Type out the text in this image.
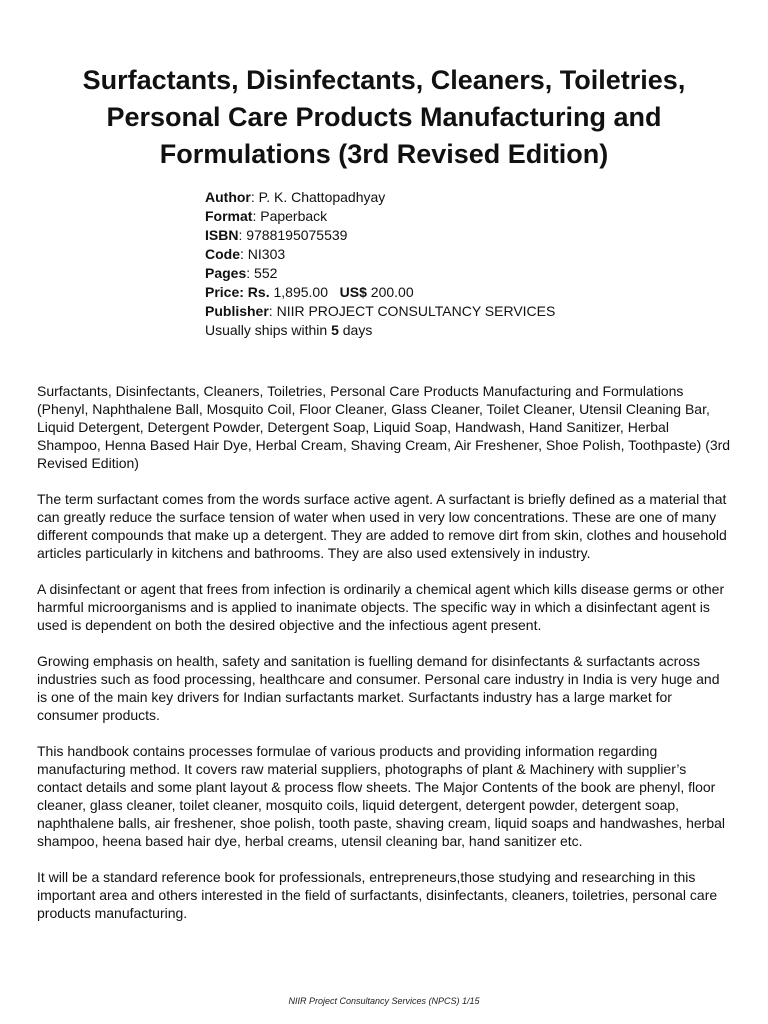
Surfactants, Disinfectants, Cleaners, Toiletries, Personal Care Products Manufacturing and Formulations (3rd Revised Edition)
Author: P. K. Chattopadhyay
Format: Paperback
ISBN: 9788195075539
Code: NI303
Pages: 552
Price: Rs. 1,895.00 US$ 200.00
Publisher: NIIR PROJECT CONSULTANCY SERVICES
Usually ships within 5 days

Surfactants, Disinfectants, Cleaners, Toiletries, Personal Care Products Manufacturing and Formulations (Phenyl, Naphthalene Ball, Mosquito Coil, Floor Cleaner, Glass Cleaner, Toilet Cleaner, Utensil Cleaning Bar, Liquid Detergent, Detergent Powder, Detergent Soap, Liquid Soap, Handwash, Hand Sanitizer, Herbal Shampoo, Henna Based Hair Dye, Herbal Cream, Shaving Cream, Air Freshener, Shoe Polish, Toothpaste) (3rd Revised Edition)

The term surfactant comes from the words surface active agent. A surfactant is briefly defined as a material that can greatly reduce the surface tension of water when used in very low concentrations. These are one of many different compounds that make up a detergent. They are added to remove dirt from skin, clothes and household articles particularly in kitchens and bathrooms. They are also used extensively in industry.

A disinfectant or agent that frees from infection is ordinarily a chemical agent which kills disease germs or other harmful microorganisms and is applied to inanimate objects. The specific way in which a disinfectant agent is used is dependent on both the desired objective and the infectious agent present.

Growing emphasis on health, safety and sanitation is fuelling demand for disinfectants & surfactants across industries such as food processing, healthcare and consumer. Personal care industry in India is very huge and is one of the main key drivers for Indian surfactants market. Surfactants industry has a large market for consumer products.

This handbook contains processes formulae of various products and providing information regarding manufacturing method. It covers raw material suppliers, photographs of plant & Machinery with supplier’s contact details and some plant layout & process flow sheets. The Major Contents of the book are phenyl, floor cleaner, glass cleaner, toilet cleaner, mosquito coils, liquid detergent, detergent powder, detergent soap, naphthalene balls, air freshener, shoe polish, tooth paste, shaving cream, liquid soaps and handwashes, herbal shampoo, heena based hair dye, herbal creams, utensil cleaning bar, hand sanitizer etc.

It will be a standard reference book for professionals, entrepreneurs,those studying and researching in this important area and others interested in the field of surfactants, disinfectants, cleaners, toiletries, personal care products manufacturing.

NIIR Project Consultancy Services (NPCS) 1/15
